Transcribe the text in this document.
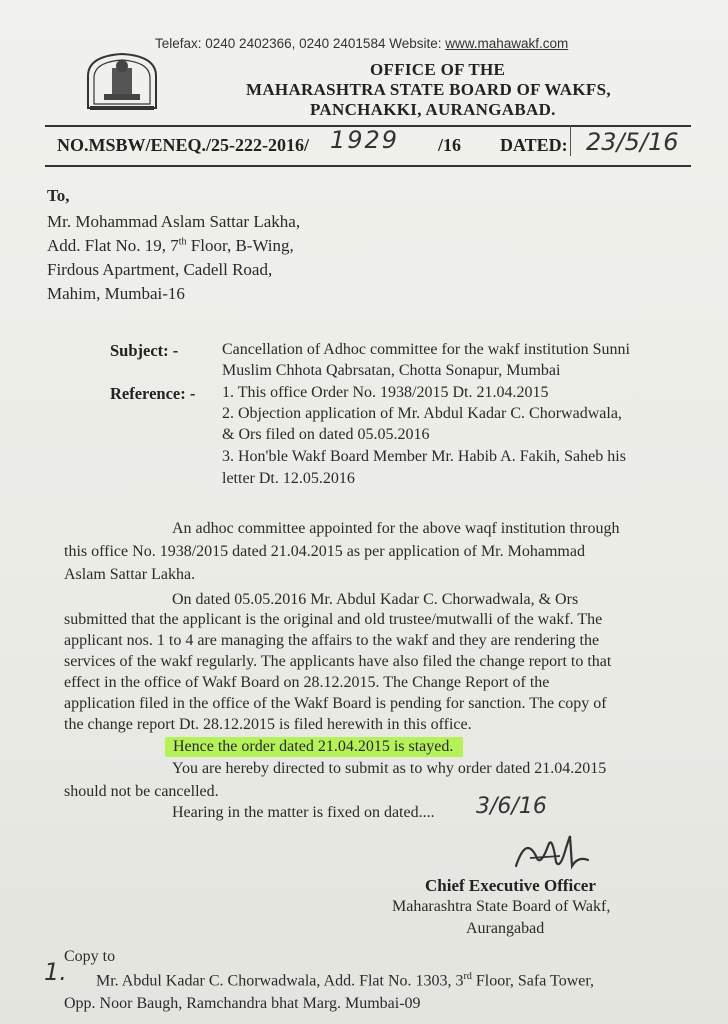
Telefax: 0240 2402366, 0240 2401584 Website: www.mahawakf.com
OFFICE OF THE
MAHARASHTRA STATE BOARD OF WAKFS,
PANCHAKKI, AURANGABAD.
NO.MSBW/ENEQ./25-222-2016/ 1929 /16 DATED: 23/5/16
To,
Mr. Mohammad Aslam Sattar Lakha,
Add. Flat No. 19, 7th Floor, B-Wing,
Firdous Apartment, Cadell Road,
Mahim, Mumbai-16
Subject: -	Cancellation of Adhoc committee for the wakf institution Sunni
Muslim Chhota Qabrsatan, Chotta Sonapur, Mumbai
Reference: - 1. This office Order No. 1938/2015 Dt. 21.04.2015
2. Objection application of Mr. Abdul Kadar C. Chorwadwala,
& Ors filed on dated 05.05.2016
3. Hon'ble Wakf Board Member Mr. Habib A. Fakih, Saheb his
letter Dt. 12.05.2016
An adhoc committee appointed for the above waqf institution through
this office No. 1938/2015 dated 21.04.2015 as per application of Mr. Mohammad
Aslam Sattar Lakha.
On dated 05.05.2016 Mr. Abdul Kadar C. Chorwadwala, & Ors
submitted that the applicant is the original and old trustee/mutwalli of the wakf. The
applicant nos. 1 to 4 are managing the affairs to the wakf and they are rendering the
services of the wakf regularly. The applicants have also filed the change report to that
effect in the office of Wakf Board on 28.12.2015. The Change Report of the
application filed in the office of the Wakf Board is pending for sanction. The copy of
the change report Dt. 28.12.2015 is filed herewith in this office.
Hence the order dated 21.04.2015 is stayed.
You are hereby directed to submit as to why order dated 21.04.2015
should not be cancelled.
Hearing in the matter is fixed on dated.... 3/6/16
Chief Executive Officer
Maharashtra State Board of Wakf,
Aurangabad
Copy to
1. Mr. Abdul Kadar C. Chorwadwala, Add. Flat No. 1303, 3rd Floor, Safa Tower,
Opp. Noor Baugh, Ramchandra bhat Marg. Mumbai-09
